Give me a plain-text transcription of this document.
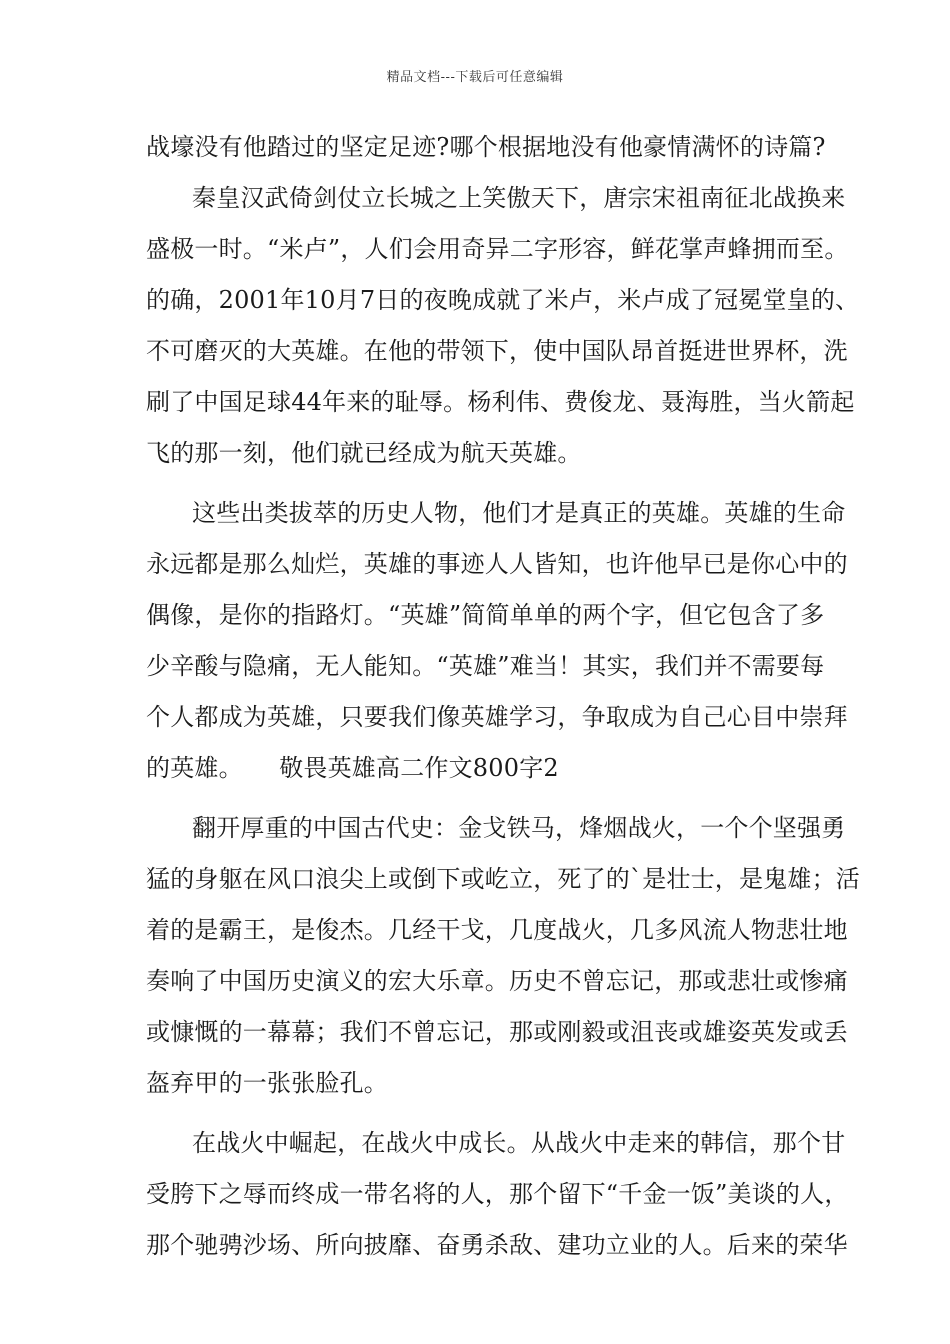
精品文档---下载后可任意编辑
战壕没有他踏过的坚定足迹?哪个根据地没有他豪情满怀的诗篇?
秦皇汉武倚剑仗立长城之上笑傲天下，唐宗宋祖南征北战换来
盛极一时。“米卢”，人们会用奇异二字形容，鲜花掌声蜂拥而至。
的确，2001年10月7日的夜晚成就了米卢，米卢成了冠冕堂皇的、
不可磨灭的大英雄。在他的带领下，使中国队昂首挺进世界杯，洗
刷了中国足球44年来的耻辱。杨利伟、费俊龙、聂海胜，当火箭起
飞的那一刻，他们就已经成为航天英雄。
这些出类拔萃的历史人物，他们才是真正的英雄。英雄的生命
永远都是那么灿烂，英雄的事迹人人皆知，也许他早已是你心中的
偶像，是你的指路灯。“英雄”简简单单的两个字，但它包含了多
少辛酸与隐痛，无人能知。“英雄”难当！其实，我们并不需要每
个人都成为英雄，只要我们像英雄学习，争取成为自己心目中崇拜
的英雄。　　敬畏英雄高二作文800字2
翻开厚重的中国古代史：金戈铁马，烽烟战火，一个个坚强勇
猛的身躯在风口浪尖上或倒下或屹立，死了的`是壮士，是鬼雄；活
着的是霸王，是俊杰。几经干戈，几度战火，几多风流人物悲壮地
奏响了中国历史演义的宏大乐章。历史不曾忘记，那或悲壮或惨痛
或慷慨的一幕幕；我们不曾忘记，那或刚毅或沮丧或雄姿英发或丢
盔弃甲的一张张脸孔。
在战火中崛起，在战火中成长。从战火中走来的韩信，那个甘
受胯下之辱而终成一带名将的人，那个留下“千金一饭”美谈的人，
那个驰骋沙场、所向披靡、奋勇杀敌、建功立业的人。后来的荣华
